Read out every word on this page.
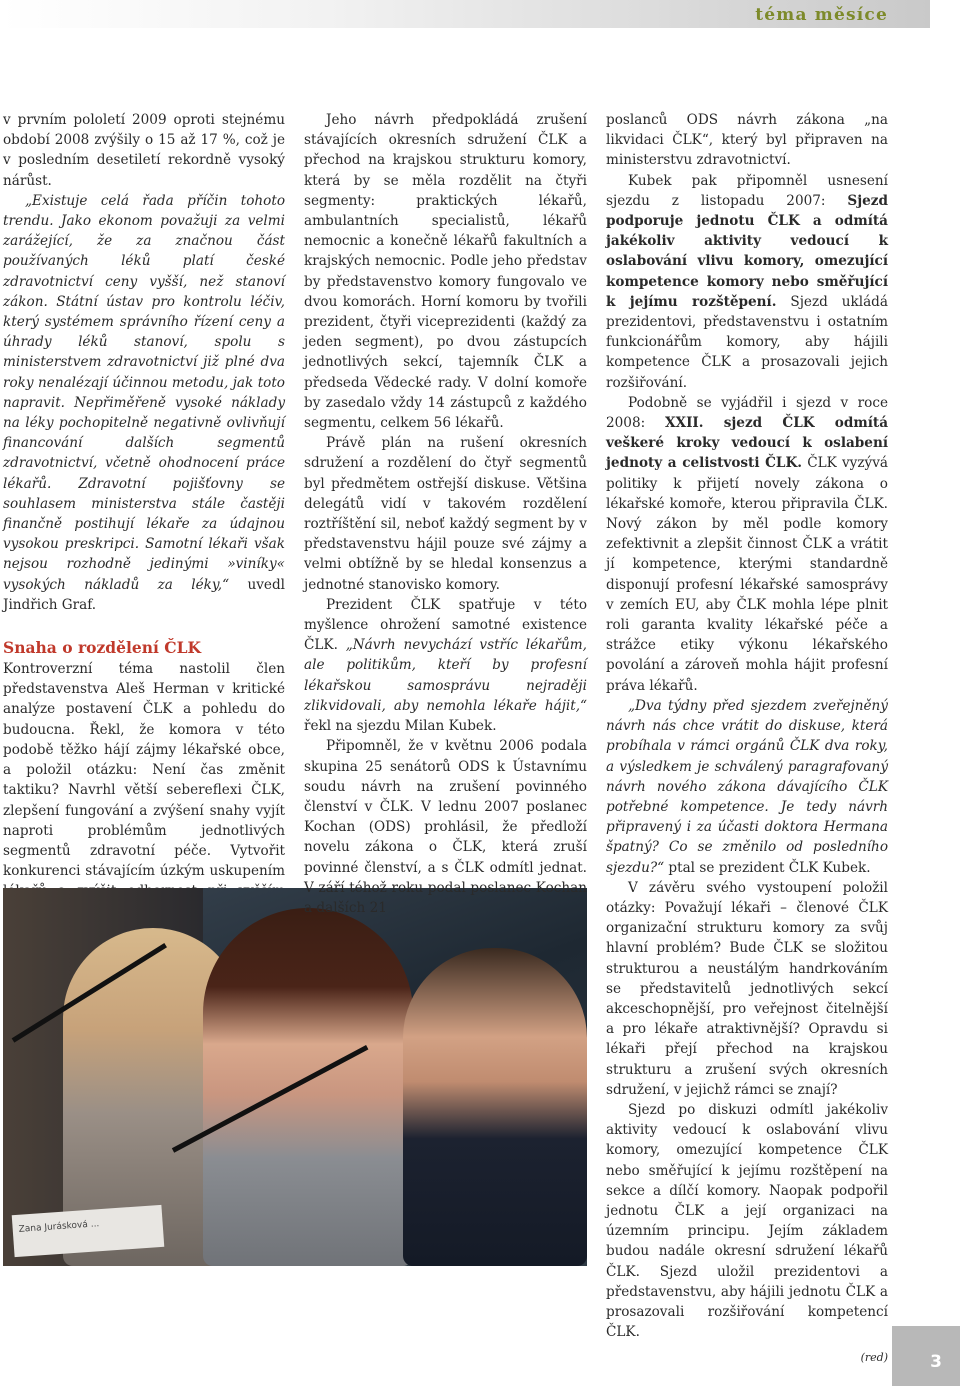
téma měsíce

v prvním pololetí 2009 oproti stejnému období 2008 zvýšily o 15 až 17 %, což je v posledním desetiletí rekordně vysoký nárůst.

„Existuje celá řada příčin tohoto trendu. Jako ekonom považuji za velmi zarážející, že za značnou část používaných léků platí české zdravotnictví ceny vyšší, než stanoví zákon. Státní ústav pro kontrolu léčiv, který systémem správního řízení ceny a úhrady léků stanoví, spolu s ministerstvem zdravotnictví již plné dva roky nenalézají účinnou metodu, jak toto napravit. Nepřiměřeně vysoké náklady na léky pochopitelně negativně ovlivňují financování dalších segmentů zdravotnictví, včetně ohodnocení práce lékařů. Zdravotní pojišťovny se souhlasem ministerstva stále častěji finančně postihují lékaře za údajnou vysokou preskripci. Samotní lékaři však nejsou rozhodně jedinými »viníky« vysokých nákladů za léky,“ uvedl Jindřich Graf.

Snaha o rozdělení ČLK

Kontroverzní téma nastolil člen představenstva Aleš Herman v kritické analýze postavení ČLK a pohledu do budoucna. Řekl, že komora v této podobě těžko hájí zájmy lékařské obce, a položil otázku: Není čas změnit taktiku? Navrhl větší sebereflexi ČLK, zlepšení fungování a zvýšení snahy vyjít naproti problémům jednotlivých segmentů zdravotní péče. Vytvořit konkurenci stávajícím úzkým uskupením

Zana Jurásková ...

Jeho návrh předpokládá zrušení stávajících okresních sdružení ČLK a přechod na krajskou strukturu komory, která by se měla rozdělit na čtyři segmenty: praktických lékařů, ambulantních specialistů, lékařů nemocnic a konečně lékařů fakultních a krajských nemocnic. Podle jeho představ by představenstvo komory fungovalo ve dvou komorách. Horní komoru by tvořili prezident, čtyři viceprezidenti (každý za jeden segment), po dvou zástupcích jednotlivých sekcí, tajemník ČLK a předseda Vědecké rady. V dolní komoře by zasedalo vždy 14 zástupců z každého segmentu, celkem 56 lékařů.

Právě plán na rušení okresních sdružení a rozdělení do čtyř segmentů byl předmětem ostřejší diskuse. Většina delegátů vidí v takovém rozdělení roztříštění sil, neboť každý segment by v představenstvu hájil pouze své zájmy a velmi obtížně by se hledal konsenzus a jednotné stanovisko komory.

Prezident ČLK spatřuje v této myšlence ohrožení samotné existence ČLK. „Návrh nevychází vstříc lékařům, ale politikům, kteří by profesní lékařskou samosprávu nejraději zlikvidovali, aby nemohla lékaře hájit,“ řekl na sjezdu Milan Kubek.

Připomněl, že v květnu 2006 podala skupina 25 senátorů ODS k Ústavnímu soudu návrh na zrušení povinného členství v ČLK. V lednu 2007 poslanec Kochan (ODS) prohlásil, že předloží novelu zákona o ČLK, která zruší povinné členství, a s ČLK odmítl jednat. V září téhož roku podal poslanec Kochan a dalších 21

poslanců ODS návrh zákona „na likvidaci ČLK“, který byl připraven na ministerstvu zdravotnictví.

Kubek pak připomněl usnesení sjezdu z listopadu 2007: Sjezd podporuje jednotu ČLK a odmítá jakékoliv aktivity vedoucí k oslabování vlivu komory, omezující kompetence komory nebo směřující k jejímu rozštěpení. Sjezd ukládá prezidentovi, představenstvu i ostatním funkcionářům komory, aby hájili kompetence ČLK a prosazovali jejich rozšiřování.

Podobně se vyjádřil i sjezd v roce 2008: XXII. sjezd ČLK odmítá veškeré kroky vedoucí k oslabení jednoty a celistvosti ČLK. ČLK vyzývá politiky k přijetí novely zákona o lékařské komoře, kterou připravila ČLK. Nový zákon by měl podle komory zefektivnit a zlepšit činnost ČLK a vrátit jí kompetence, kterými standardně disponují profesní lékařské samosprávy v zemích EU, aby ČLK mohla lépe plnit roli garanta kvality lékařské péče a strážce etiky výkonu lékařského povolání a zároveň mohla hájit profesní práva lékařů.

„Dva týdny před sjezdem zveřejněný návrh nás chce vrátit do diskuse, která probíhala v rámci orgánů ČLK dva roky, a výsledkem je schválený paragrafovaný návrh nového zákona dávajícího ČLK potřebné kompetence. Je tedy návrh připravený i za účasti doktora Hermana špatný? Co se změnilo od posledního sjezdu?“ ptal se prezident ČLK Kubek.

V závěru svého vystoupení položil otázky: Považují lékaři – členové ČLK organizační strukturu komory za svůj hlavní problém? Bude ČLK se složitou strukturou a neustálým handrkováním se představitelů jednotlivých sekcí akceschopnější, pro veřejnost čitelnější a pro lékaře atraktivnější? Opravdu si lékaři přejí přechod na krajskou strukturu a zrušení svých okresních sdružení, v jejichž rámci se znají?

Sjezd po diskuzi odmítl jakékoliv aktivity vedoucí k oslabování vlivu komory, omezující kompetence ČLK nebo směřující k jejímu rozštěpení na sekce a dílčí komory. Naopak podpořil jednotu ČLK a její organizaci na územním principu. Jejím základem budou nadále okresní sdružení lékařů ČLK. Sjezd uložil prezidentovi a představenstvu, aby hájili jednotu ČLK a prosazovali rozšiřování kompetencí ČLK.

(red) 3
